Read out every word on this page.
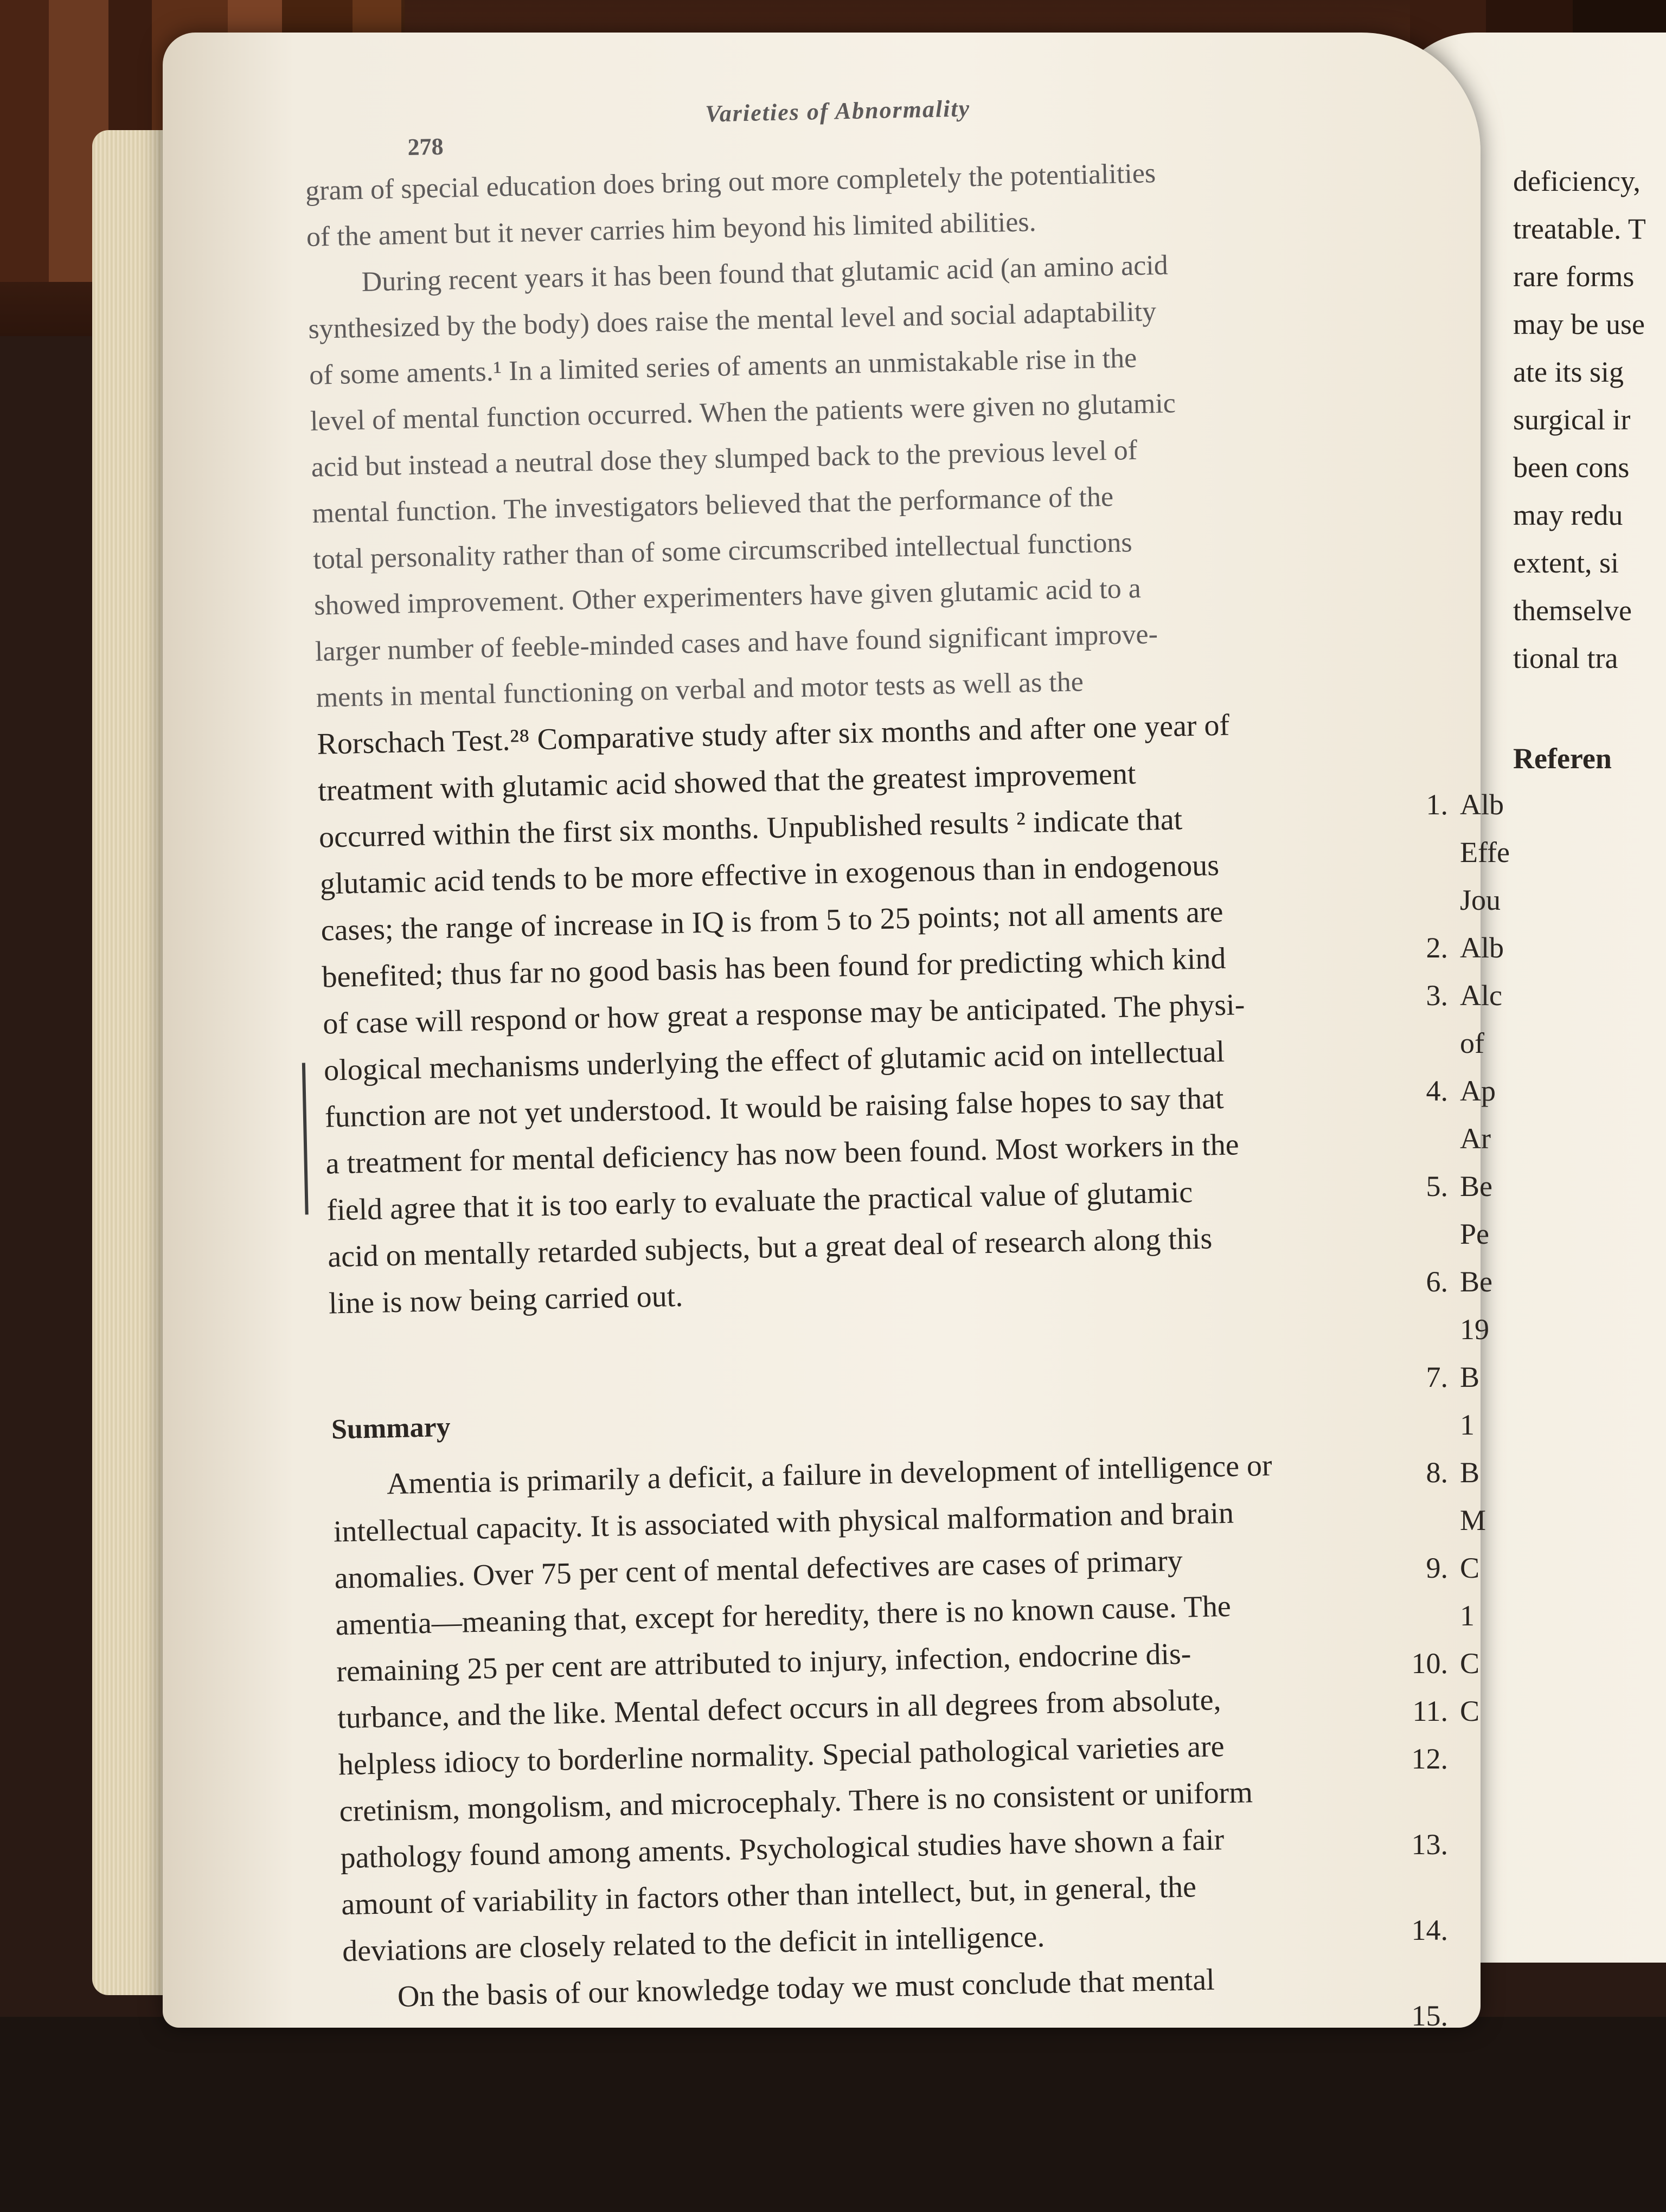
278
Varieties of Abnormality
gram of special education does bring out more completely the potentialities
of the ament but it never carries him beyond his limited abilities.
During recent years it has been found that glutamic acid (an amino acid
synthesized by the body) does raise the mental level and social adaptability
of some aments.¹ In a limited series of aments an unmistakable rise in the
level of mental function occurred. When the patients were given no glutamic
acid but instead a neutral dose they slumped back to the previous level of
mental function. The investigators believed that the performance of the
total personality rather than of some circumscribed intellectual functions
showed improvement. Other experimenters have given glutamic acid to a
larger number of feeble-minded cases and have found significant improve-
ments in mental functioning on verbal and motor tests as well as the
Rorschach Test.²⁸ Comparative study after six months and after one year of
treatment with glutamic acid showed that the greatest improvement
occurred within the first six months. Unpublished results ² indicate that
glutamic acid tends to be more effective in exogenous than in endogenous
cases; the range of increase in IQ is from 5 to 25 points; not all aments are
benefited; thus far no good basis has been found for predicting which kind
of case will respond or how great a response may be anticipated. The physi-
ological mechanisms underlying the effect of glutamic acid on intellectual
function are not yet understood. It would be raising false hopes to say that
a treatment for mental deficiency has now been found. Most workers in the
field agree that it is too early to evaluate the practical value of glutamic
acid on mentally retarded subjects, but a great deal of research along this
line is now being carried out.
Summary
Amentia is primarily a deficit, a failure in development of intelligence or
intellectual capacity. It is associated with physical malformation and brain
anomalies. Over 75 per cent of mental defectives are cases of primary
amentia—meaning that, except for heredity, there is no known cause. The
remaining 25 per cent are attributed to injury, infection, endocrine dis-
turbance, and the like. Mental defect occurs in all degrees from absolute,
helpless idiocy to borderline normality. Special pathological varieties are
cretinism, mongolism, and microcephaly. There is no consistent or uniform
pathology found among aments. Psychological studies have shown a fair
amount of variability in factors other than intellect, but, in general, the
deviations are closely related to the deficit in intelligence.
On the basis of our knowledge today we must conclude that mental
deficiency,
treatable. T
rare forms
may be use
ate its sig
surgical ir
been cons
may redu
extent, si
themselve
tional tra
Referen
1. Alb
Effe
Jou
2. Alb
3. Alc
of
4. Ap
Ar
5. Be
Pe
6. Be
19
7. B
1
8. B
M
9. C
1
10. C
11. C
12.
13.
14.
15.
